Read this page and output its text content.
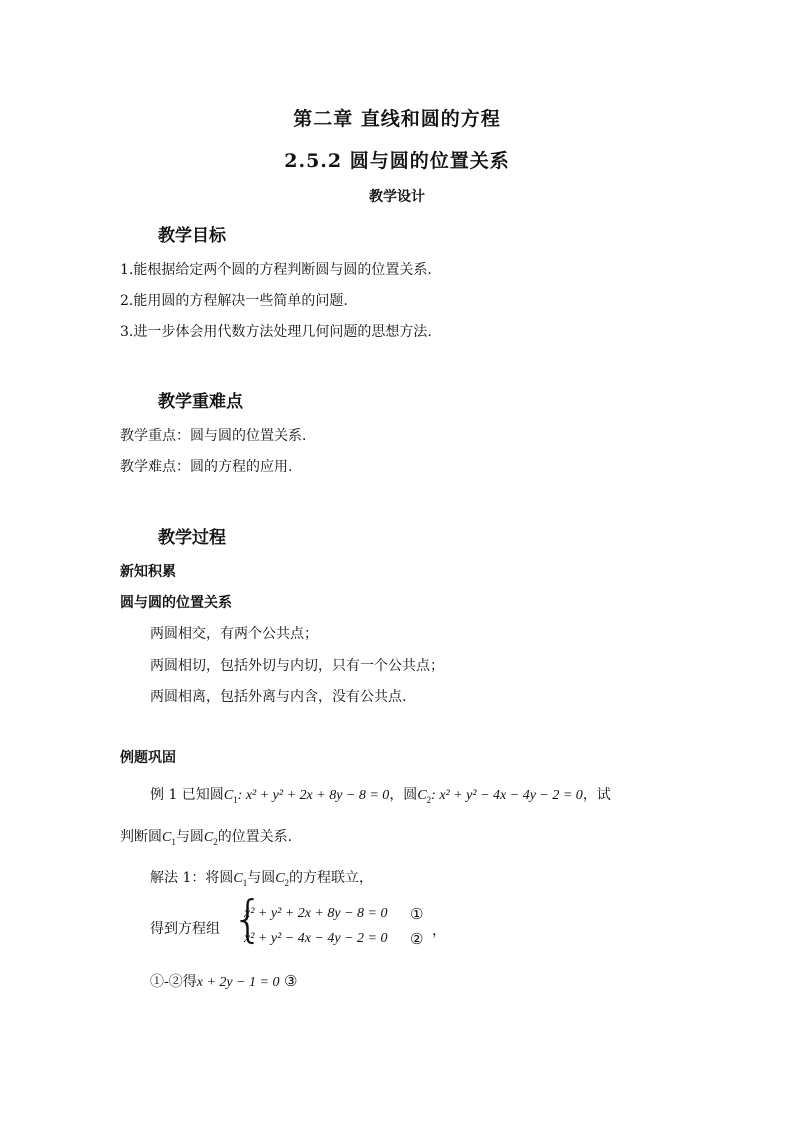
第二章 直线和圆的方程
2.5.2 圆与圆的位置关系
教学设计
教学目标
1.能根据给定两个圆的方程判断圆与圆的位置关系.
2.能用圆的方程解决一些简单的问题.
3.进一步体会用代数方法处理几何问题的思想方法.
教学重难点
教学重点：圆与圆的位置关系.
教学难点：圆的方程的应用.
教学过程
新知积累
圆与圆的位置关系
两圆相交，有两个公共点；
两圆相切，包括外切与内切，只有一个公共点；
两圆相离，包括外离与内含，没有公共点.
例题巩固
例 1 已知圆$C_1$: x² + y² + 2x + 8y − 8 = 0，圆$C_2$: x² + y² − 4x − 4y − 2 = 0，试
判断圆$C_1$与圆$C_2$的位置关系.
解法 1：将圆$C_1$与圆$C_2$的方程联立，
得到方程组 {
x² + y² + 2x + 8y − 8 = 0
x² + y² − 4x − 4y − 2 = 0
①
② ，
①-②得x + 2y − 1 = 0 ③
